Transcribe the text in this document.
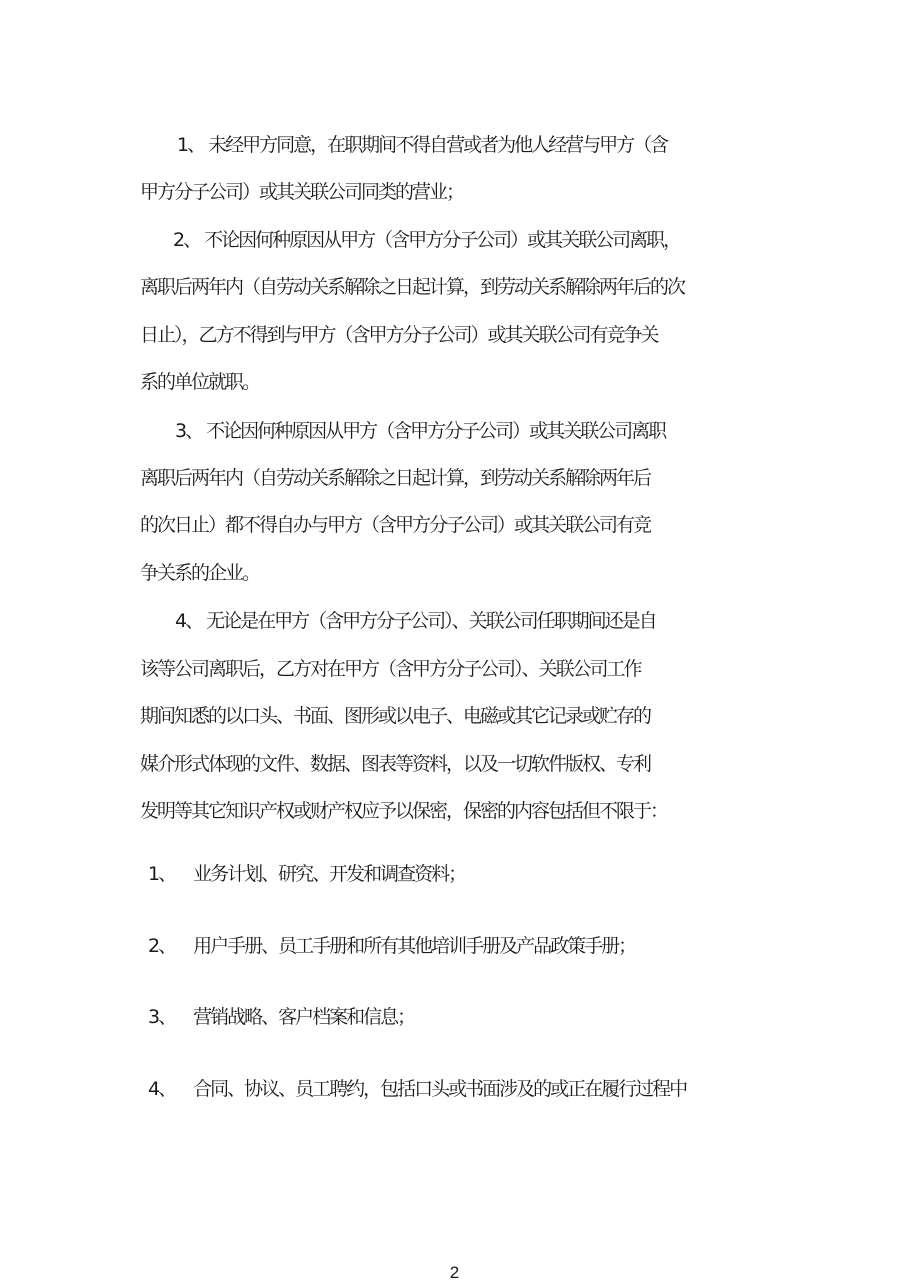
1、 未经甲方同意，在职期间不得自营或者为他人经营与甲方（含
甲方分子公司）或其关联公司同类的营业；
2、 不论因何种原因从甲方（含甲方分子公司）或其关联公司离职，
离职后两年内（自劳动关系解除之日起计算，到劳动关系解除两年后的次
日止），乙方不得到与甲方（含甲方分子公司）或其关联公司有竞争关
系的单位就职。
3、 不论因何种原因从甲方（含甲方分子公司）或其关联公司离职
离职后两年内（自劳动关系解除之日起计算，到劳动关系解除两年后
的次日止）都不得自办与甲方（含甲方分子公司）或其关联公司有竞
争关系的企业。
4、 无论是在甲方（含甲方分子公司）、关联公司任职期间还是自
该等公司离职后，乙方对在甲方（含甲方分子公司）、关联公司工作
期间知悉的以口头、书面、图形或以电子、电磁或其它记录或贮存的
媒介形式体现的文件、数据、图表等资料，以及一切软件版权、专利
发明等其它知识产权或财产权应予以保密，保密的内容包括但不限于：
1、 业务计划、研究、开发和调查资料；
2、 用户手册、员工手册和所有其他培训手册及产品政策手册；
3、 营销战略、客户档案和信息；
4、 合同、协议、员工聘约，包括口头或书面涉及的或正在履行过程中
2
